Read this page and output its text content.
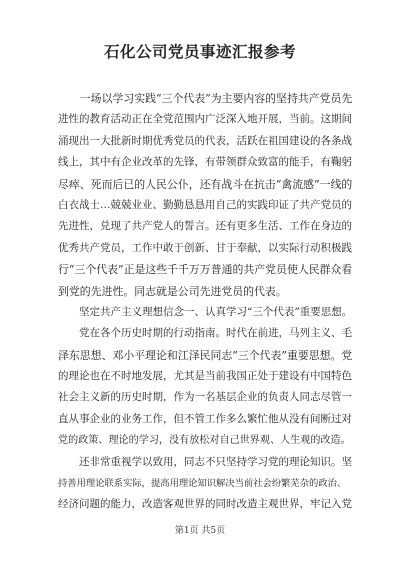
石化公司党员事迹汇报参考
　　一场以学习实践“三个代表”为主要内容的坚持共产党员先
进性的教育活动正在全党范围内广泛深入地开展，当前。这期间
涌现出一大批新时期优秀党员的代表，活跃在祖国建设的各条战
线上，其中有企业改革的先锋，有带领群众致富的能手，有鞠躬
尽瘁、死而后已的人民公仆，还有战斗在抗击“禽流感”一线的
白衣战士…兢兢业业、勤勤恳恳用自己的实践印证了共产党员的
先进性，兑现了共产党人的誓言。还有更多生活、工作在身边的
优秀共产党员，工作中敢于创新、甘于奉献，以实际行动积极践
行“三个代表”正是这些千千万万普通的共产党员使人民群众看
到党的先进性。同志就是公司先进党员的代表。
　　坚定共产主义理想信念一、认真学习“三个代表”重要思想。
　　党在各个历史时期的行动指南。时代在前进，马列主义、毛
泽东思想、邓小平理论和江泽民同志“三个代表”重要思想。党
的理论也在不时地发展，尤其是当前我国正处于建设有中国特色
社会主义新的历史时期，作为一名基层企业的负责人同志尽管一
直从事企业的业务工作，但不管工作多么繁忙他从没有间断过对
党的政策、理论的学习，没有放松对自己世界观、人生观的改造。
　　还非常重视学以致用，同志不只坚持学习党的理论知识。坚
持善用理论联系实际，提高用理论知识解决当前社会纷繁芜杂的政治、
经济问题的能力，改造客观世界的同时改造主观世界，牢记入党
第1页 共5页
